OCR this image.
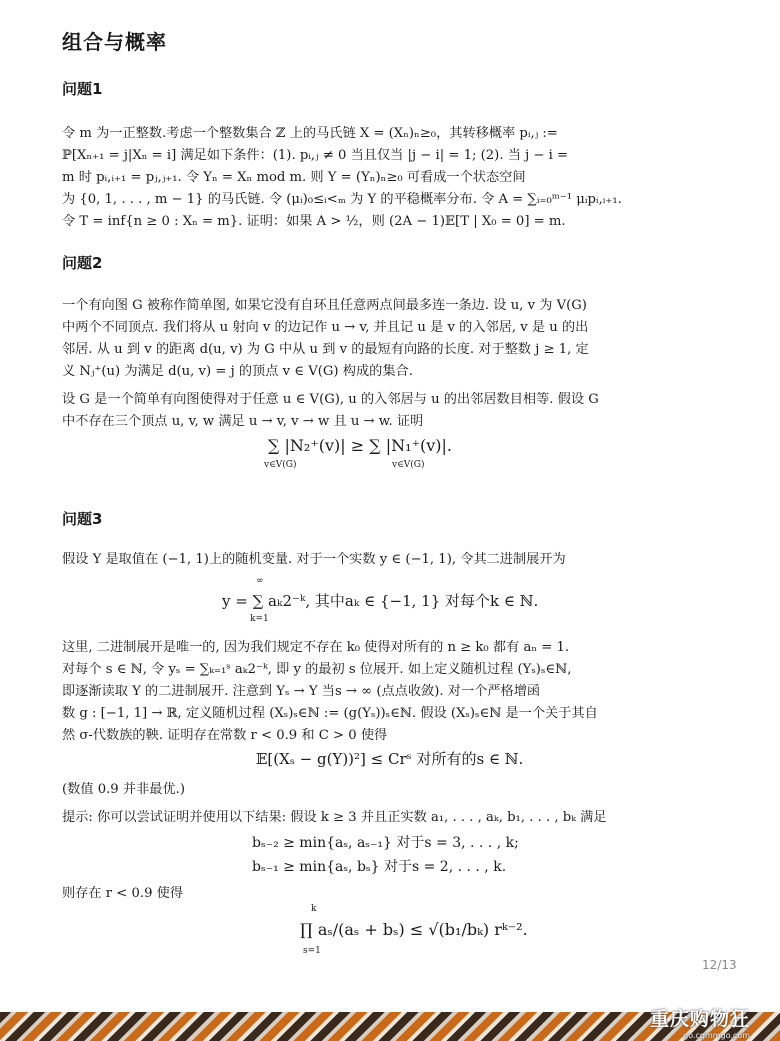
组合与概率
问题1
令 m 为一正整数.考虑一个整数集合 ℤ 上的马氏链 X = (Xₙ)ₙ≥₀，其转移概率 pᵢ,ⱼ :=
ℙ[Xₙ₊₁ = j|Xₙ = i] 满足如下条件：(1). pᵢ,ⱼ ≠ 0 当且仅当 |j − i| = 1; (2). 当 j − i =
m 时 pᵢ,ᵢ₊₁ = pⱼ,ⱼ₊₁. 令 Yₙ = Xₙ mod m. 则 Y = (Yₙ)ₙ≥₀ 可看成一个状态空间
为 {0, 1, . . . , m − 1} 的马氏链. 令 (μᵢ)₀≤ᵢ<ₘ 为 Y 的平稳概率分布. 令 A = ∑ᵢ₌₀ᵐ⁻¹ μᵢpᵢ,ᵢ₊₁.
令 T = inf{n ≥ 0 : Xₙ = m}. 证明：如果 A > ½，则 (2A − 1)𝔼[T | X₀ = 0] = m.
问题2
一个有向图 G 被称作简单图, 如果它没有自环且任意两点间最多连一条边. 设 u, v 为 V(G)
中两个不同顶点. 我们将从 u 射向 v 的边记作 u → v, 并且记 u 是 v 的入邻居, v 是 u 的出
邻居. 从 u 到 v 的距离 d(u, v) 为 G 中从 u 到 v 的最短有向路的长度. 对于整数 j ≥ 1, 定
义 Nⱼ⁺(u) 为满足 d(u, v) = j 的顶点 v ∈ V(G) 构成的集合.
设 G 是一个简单有向图使得对于任意 u ∈ V(G), u 的入邻居与 u 的出邻居数目相等. 假设 G
中不存在三个顶点 u, v, w 满足 u → v, v → w 且 u → w. 证明
∑ |N₂⁺(v)| ≥ ∑ |N₁⁺(v)|.
v∈V(G)	v∈V(G)
问题3
假设 Y 是取值在 (−1, 1)上的随机变量. 对于一个实数 y ∈ (−1, 1), 令其二进制展开为
∞
y = ∑ aₖ2⁻ᵏ, 其中aₖ ∈ {−1, 1} 对每个k ∈ ℕ.
k=1
这里, 二进制展开是唯一的, 因为我们规定不存在 k₀ 使得对所有的 n ≥ k₀ 都有 aₙ = 1.
对每个 s ∈ ℕ, 令 yₛ = ∑ₖ₌₁ˢ aₖ2⁻ᵏ, 即 y 的最初 s 位展开. 如上定义随机过程 (Yₛ)ₛ∈ℕ,
即逐渐读取 Y 的二进制展开. 注意到 Yₛ → Y 当s → ∞ (点点收敛). 对一个严格增函
数 g : [−1, 1] → ℝ, 定义随机过程 (Xₛ)ₛ∈ℕ := (g(Yₛ))ₛ∈ℕ. 假设 (Xₛ)ₛ∈ℕ 是一个关于其自
然 σ-代数族的鞅. 证明存在常数 r < 0.9 和 C > 0 使得
𝔼[(Xₛ − g(Y))²] ≤ Crˢ 对所有的s ∈ ℕ.
(数值 0.9 并非最优.)
提示: 你可以尝试证明并使用以下结果: 假设 k ≥ 3 并且正实数 a₁, . . . , aₖ, b₁, . . . , bₖ 满足
bₛ₋₂ ≥ min{aₛ, aₛ₋₁} 对于s = 3, . . . , k;
bₛ₋₁ ≥ min{aₛ, bₛ} 对于s = 2, . . . , k.
则存在 r < 0.9 使得
k
∏ aₛ/(aₛ + bₛ) ≤ √(b₁/bₖ) rᵏ⁻².
s=1
12/13
重庆购物狂
go.cqmmgo.com
